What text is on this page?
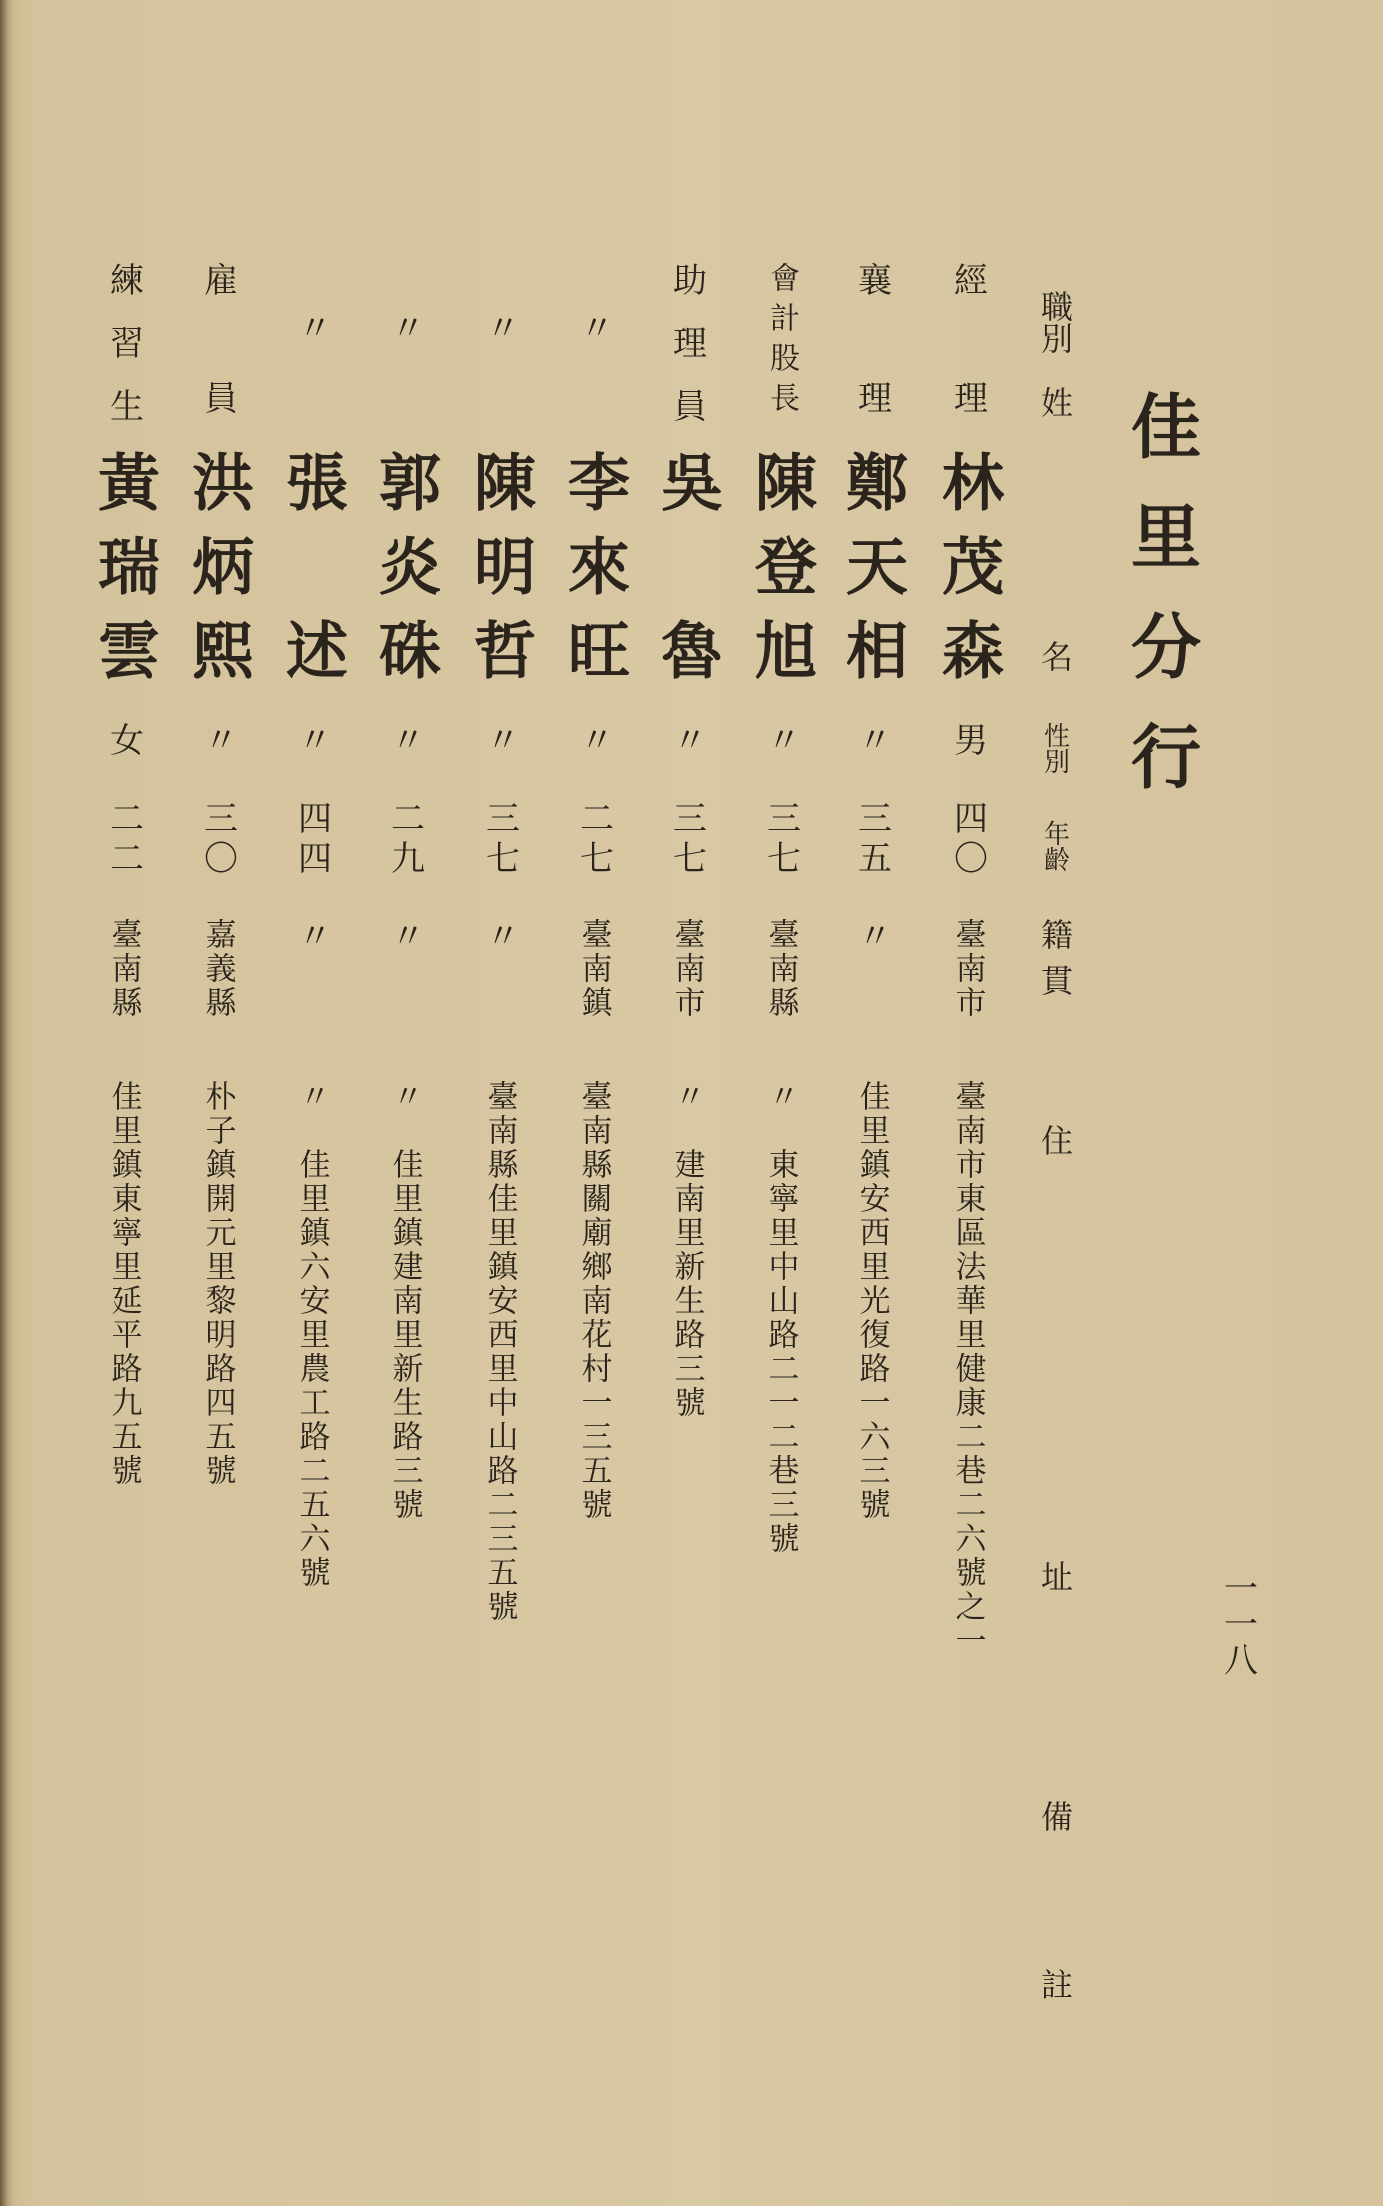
佳里分行
一一八
職別
姓
名
性別
年齡
籍貫
住
址
備
註
經理
林茂森
男
四〇
臺南市
臺南市東區法華里健康二巷二六號之一
襄理
鄭天相
〃
三五
〃
佳里鎮安西里光復路一六三號
會計股長
陳登旭
〃
三七
臺南縣
〃　東寧里中山路二一二巷三號
助理員
吳　魯
〃
三七
臺南市
〃　建南里新生路三號
〃
李來旺
〃
二七
臺南鎮
臺南縣關廟鄉南花村一三五號
〃
陳明哲
〃
三七
〃
臺南縣佳里鎮安西里中山路二三五號
〃
郭炎硃
〃
二九
〃
〃　佳里鎮建南里新生路三號
〃
張　述
〃
四四
〃
〃　佳里鎮六安里農工路二五六號
雇員
洪炳熙
〃
三〇
嘉義縣
朴子鎮開元里黎明路四五號
練習生
黃瑞雲
女
二二
臺南縣
佳里鎮東寧里延平路九五號
